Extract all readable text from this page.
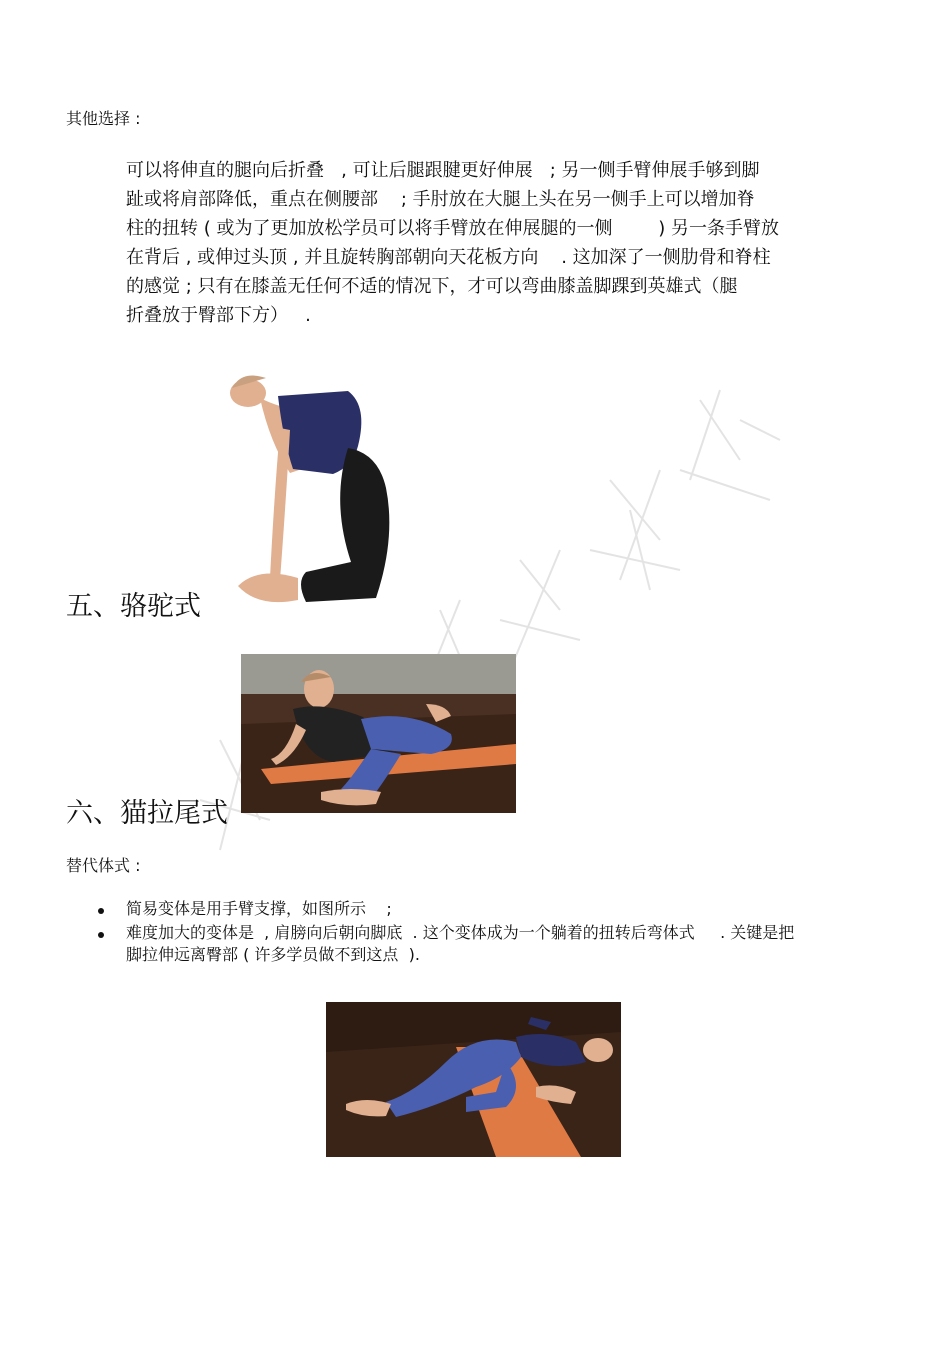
其他选择 :
可以将伸直的腿向后折叠   , 可让后腿跟腱更好伸展   ; 另一侧手臂伸展手够到脚
趾或将肩部降低，重点在侧腰部    ; 手肘放在大腿上头在另一侧手上可以增加脊
柱的扭转 ( 或为了更加放松学员可以将手臂放在伸展腿的一侧        ) 另一条手臂放
在背后 , 或伸过头顶 , 并且旋转胸部朝向天花板方向    . 这加深了一侧肋骨和脊柱
的感觉 ; 只有在膝盖无任何不适的情况下，才可以弯曲膝盖脚踝到英雄式（腿
折叠放于臀部下方）   .
五、骆驼式
六、猫拉尾式
替代体式 :
简易变体是用手臂支撑，如图所示    ;
难度加大的变体是  , 肩膀向后朝向脚底  . 这个变体成为一个躺着的扭转后弯体式     . 关键是把
脚拉伸远离臀部 ( 许多学员做不到这点  ).
